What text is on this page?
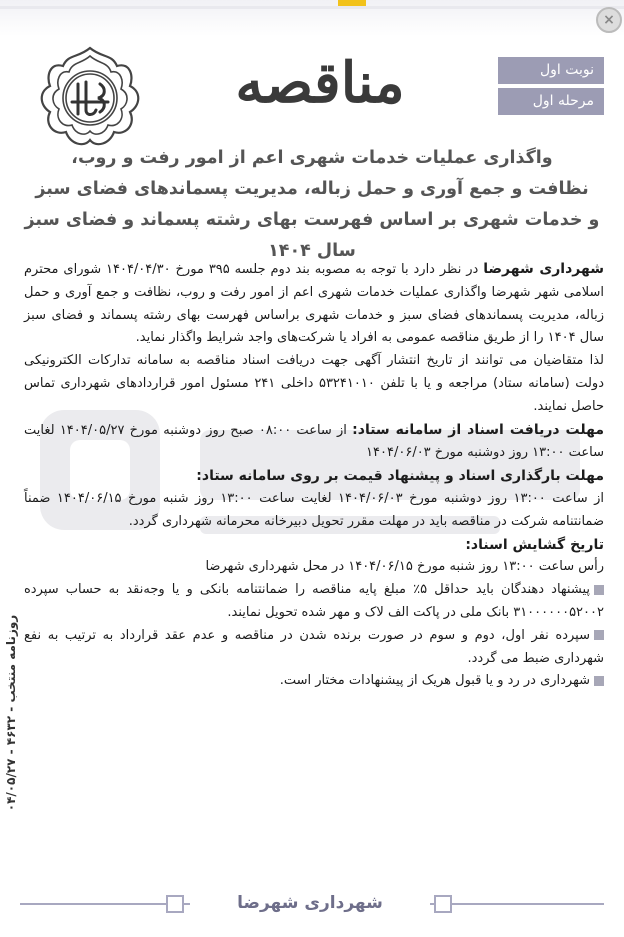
×
نوبت اول
مرحله اول
مناقصه
واگذاری عملیات خدمات شهری اعم از امور رفت و روب،
نظافت و جمع آوری و حمل زباله، مدیریت پسماندهای فضای سبز
و خدمات شهری بر اساس فهرست بهای رشته پسماند و فضای سبز سال ۱۴۰۴

شهرداری شهرضا در نظر دارد با توجه به مصوبه بند دوم جلسه ۳۹۵ مورخ ۱۴۰۴/۰۴/۳۰ شورای محترم اسلامی شهر شهرضا واگذاری عملیات خدمات شهری اعم از امور رفت و روب، نظافت و جمع آوری و حمل زباله، مدیریت پسماندهای فضای سبز و خدمات شهری براساس فهرست بهای رشته پسماند و فضای سبز سال ۱۴۰۴ را از طریق مناقصه عمومی به افراد یا شرکت‌های واجد شرایط واگذار نماید.

لذا متقاضیان می توانند از تاریخ انتشار آگهی جهت دریافت اسناد مناقصه به سامانه تدارکات الکترونیکی دولت (سامانه ستاد) مراجعه و یا با تلفن ۵۳۲۴۱۰۱۰ داخلی ۲۴۱ مسئول امور قراردادهای شهرداری تماس حاصل نمایند.

مهلت دریافت اسناد از سامانه ستاد: از ساعت ۰۸:۰۰ صبح روز دوشنبه مورخ ۱۴۰۴/۰۵/۲۷ لغایت ساعت ۱۳:۰۰ روز دوشنبه مورخ ۱۴۰۴/۰۶/۰۳

مهلت بارگذاری اسناد و پیشنهاد قیمت بر روی سامانه ستاد:

از ساعت ۱۳:۰۰ روز دوشنبه مورخ ۱۴۰۴/۰۶/۰۳ لغایت ساعت ۱۳:۰۰ روز شنبه مورخ ۱۴۰۴/۰۶/۱۵ ضمناً ضمانتنامه شرکت در مناقصه باید در مهلت مقرر تحویل دبیرخانه محرمانه شهرداری گردد.

تاریخ گشایش اسناد:

رأس ساعت ۱۳:۰۰ روز شنبه مورخ ۱۴۰۴/۰۶/۱۵ در محل شهرداری شهرضا

پیشنهاد دهندگان باید حداقل ۵٪ مبلغ پایه مناقصه را ضمانتنامه بانکی و یا وجه‌نقد به حساب سپرده ۳۱۰۰۰۰۰۰۵۲۰۰۲ بانک ملی در پاکت الف لاک و مهر شده تحویل نمایند.

سپرده نفر اول، دوم و سوم در صورت برنده شدن در مناقصه و عدم عقد قرارداد به ترتیب به نفع شهرداری ضبط می گردد.

شهرداری در رد و یا قبول هریک از پیشنهادات مختار است.

روزنامه منتخب - ۴۶۳۲ - ۰۴/۰۵/۲۷
شهرداری شهرضا
